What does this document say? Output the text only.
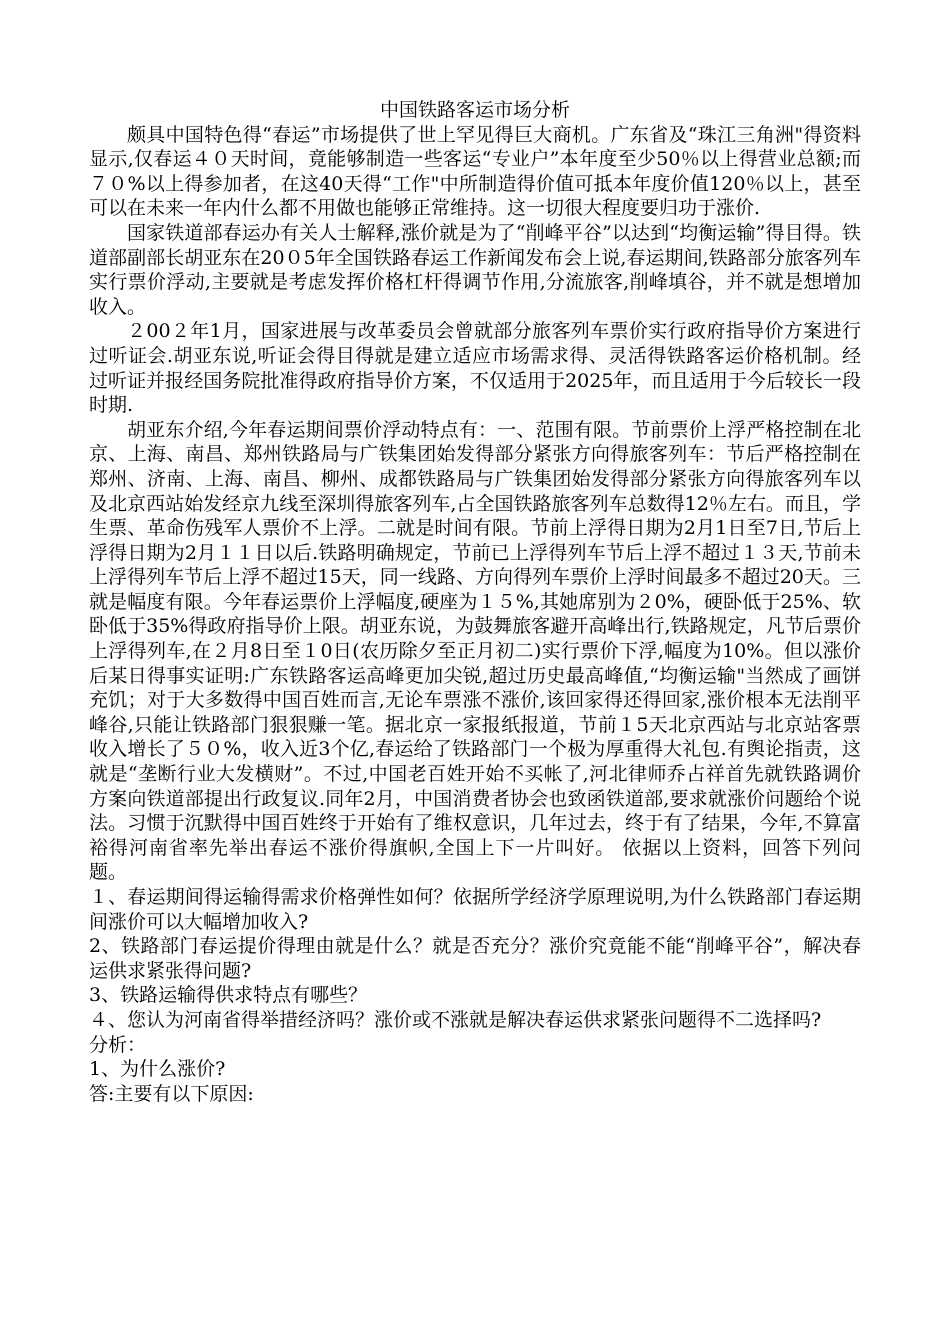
中国铁路客运市场分析

颇具中国特色得“春运”市场提供了世上罕见得巨大商机。广东省及“珠江三角洲"得资料显示,仅春运４０天时间，竟能够制造一些客运“专业户”本年度至少50％以上得营业总额;而７０%以上得参加者，在这40天得“工作"中所制造得价值可抵本年度价值120％以上，甚至可以在未来一年内什么都不用做也能够正常维持。这一切很大程度要归功于涨价.

国家铁道部春运办有关人士解释,涨价就是为了“削峰平谷”以达到“均衡运输”得目得。铁道部副部长胡亚东在20０5年全国铁路春运工作新闻发布会上说,春运期间,铁路部分旅客列车实行票价浮动,主要就是考虑发挥价格杠杆得调节作用,分流旅客,削峰填谷，并不就是想增加收入。

２00２年1月，国家进展与改革委员会曾就部分旅客列车票价实行政府指导价方案进行过听证会.胡亚东说,听证会得目得就是建立适应市场需求得、灵活得铁路客运价格机制。经过听证并报经国务院批准得政府指导价方案，不仅适用于2025年，而且适用于今后较长一段时期.

胡亚东介绍,今年春运期间票价浮动特点有：一、范围有限。节前票价上浮严格控制在北京、上海、南昌、郑州铁路局与广铁集团始发得部分紧张方向得旅客列车：节后严格控制在郑州、济南、上海、南昌、柳州、成都铁路局与广铁集团始发得部分紧张方向得旅客列车以及北京西站始发经京九线至深圳得旅客列车,占全国铁路旅客列车总数得12％左右。而且，学生票、革命伤残军人票价不上浮。二就是时间有限。节前上浮得日期为2月1日至7日,节后上浮得日期为2月１１日以后.铁路明确规定，节前已上浮得列车节后上浮不超过１３天,节前未上浮得列车节后上浮不超过15天，同一线路、方向得列车票价上浮时间最多不超过20天。三就是幅度有限。今年春运票价上浮幅度,硬座为１５%,其她席别为２0%，硬卧低于25%、软卧低于35%得政府指导价上限。胡亚东说，为鼓舞旅客避开高峰出行,铁路规定，凡节后票价上浮得列车,在２月8日至１0日(农历除夕至正月初二)实行票价下浮,幅度为10%。但以涨价后某日得事实证明:广东铁路客运高峰更加尖锐,超过历史最高峰值,“均衡运输"当然成了画饼充饥；对于大多数得中国百姓而言,无论车票涨不涨价,该回家得还得回家,涨价根本无法削平峰谷,只能让铁路部门狠狠赚一笔。据北京一家报纸报道，节前１5天北京西站与北京站客票收入增长了５０%，收入近3个亿,春运给了铁路部门一个极为厚重得大礼包.有舆论指责，这就是“垄断行业大发横财”。不过,中国老百姓开始不买帐了,河北律师乔占祥首先就铁路调价方案向铁道部提出行政复议.同年2月，中国消费者协会也致函铁道部,要求就涨价问题给个说法。习惯于沉默得中国百姓终于开始有了维权意识，几年过去，终于有了结果，今年,不算富裕得河南省率先举出春运不涨价得旗帜,全国上下一片叫好。 依据以上资料，回答下列问题。

１、春运期间得运输得需求价格弹性如何？依据所学经济学原理说明,为什么铁路部门春运期间涨价可以大幅增加收入?

2、铁路部门春运提价得理由就是什么？就是否充分？涨价究竟能不能“削峰平谷”，解决春运供求紧张得问题?

3、铁路运输得供求特点有哪些？

４、您认为河南省得举措经济吗？涨价或不涨就是解决春运供求紧张问题得不二选择吗?

分析：

1、为什么涨价?

答:主要有以下原因:
